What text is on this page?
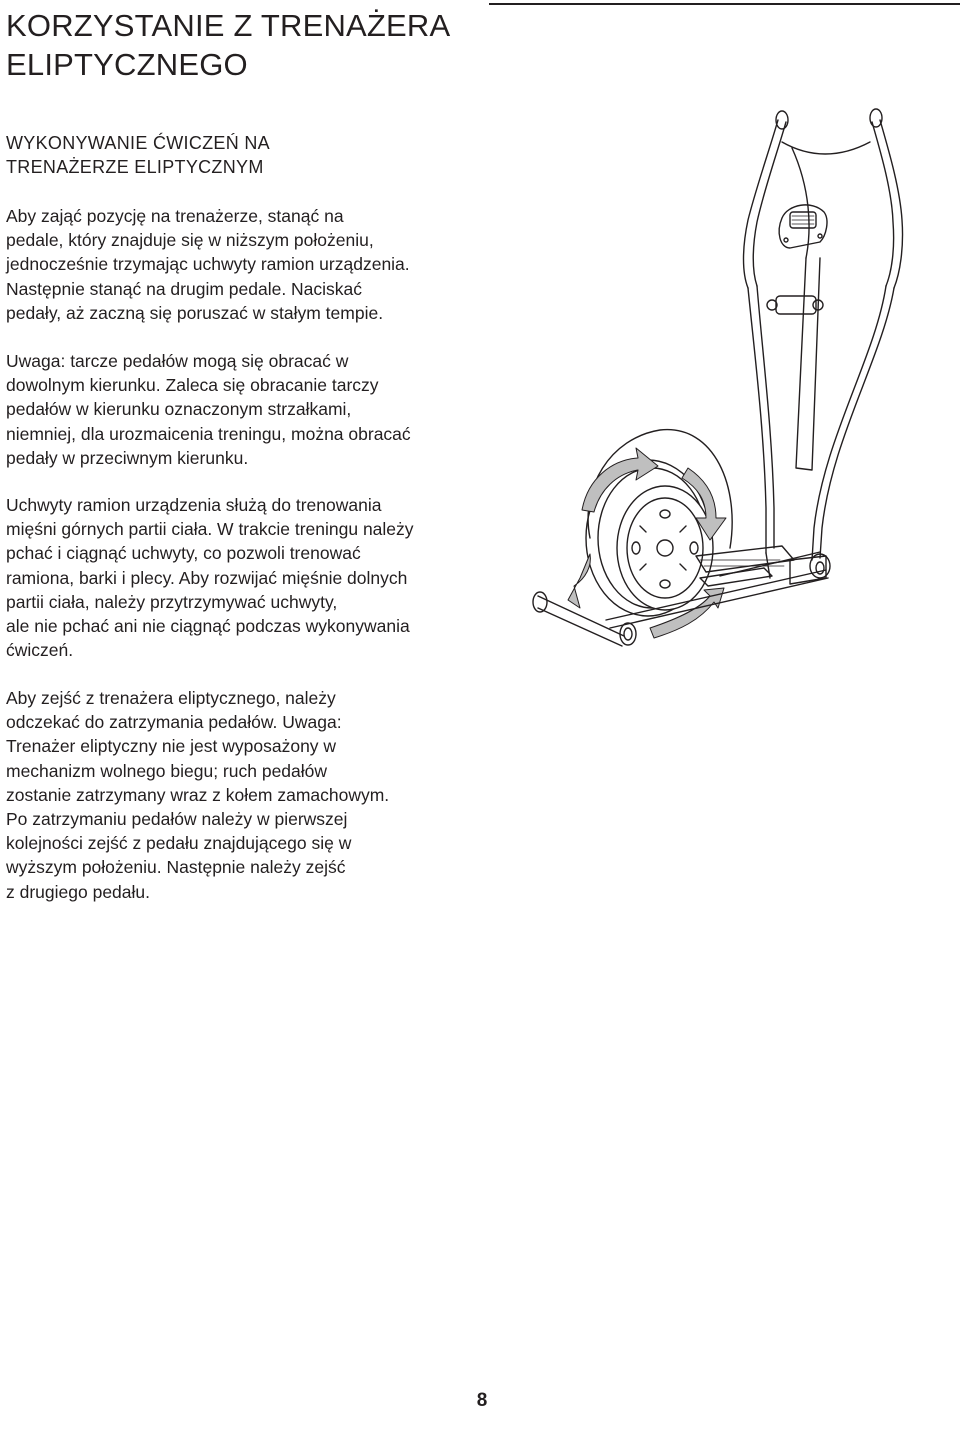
KORZYSTANIE Z TRENAŻERA
ELIPTYCZNEGO
WYKONYWANIE ĆWICZEŃ NA
TRENAŻERZE ELIPTYCZNYM

Aby zająć pozycję na trenażerze, stanąć na
pedale, który znajduje się w niższym położeniu,
jednocześnie trzymając uchwyty ramion urządzenia.
Następnie stanąć na drugim pedale. Naciskać
pedały, aż zaczną się poruszać w stałym tempie.

Uwaga: tarcze pedałów mogą się obracać w
dowolnym kierunku. Zaleca się obracanie tarczy
pedałów w kierunku oznaczonym strzałkami,
niemniej, dla urozmaicenia treningu, można obracać
pedały w przeciwnym kierunku.

Uchwyty ramion urządzenia służą do trenowania
mięśni górnych partii ciała. W trakcie treningu należy
pchać i ciągnąć uchwyty, co pozwoli trenować
ramiona, barki i plecy. Aby rozwijać mięśnie dolnych
partii ciała, należy przytrzymywać uchwyty,
ale nie pchać ani nie ciągnąć podczas wykonywania
ćwiczeń.

Aby zejść z trenażera eliptycznego, należy
odczekać do zatrzymania pedałów. Uwaga:
Trenażer eliptyczny nie jest wyposażony w
mechanizm wolnego biegu; ruch pedałów
zostanie zatrzymany wraz z kołem zamachowym.
Po zatrzymaniu pedałów należy w pierwszej
kolejności zejść z pedału znajdującego się w
wyższym położeniu. Następnie należy zejść
z drugiego pedału.

8
